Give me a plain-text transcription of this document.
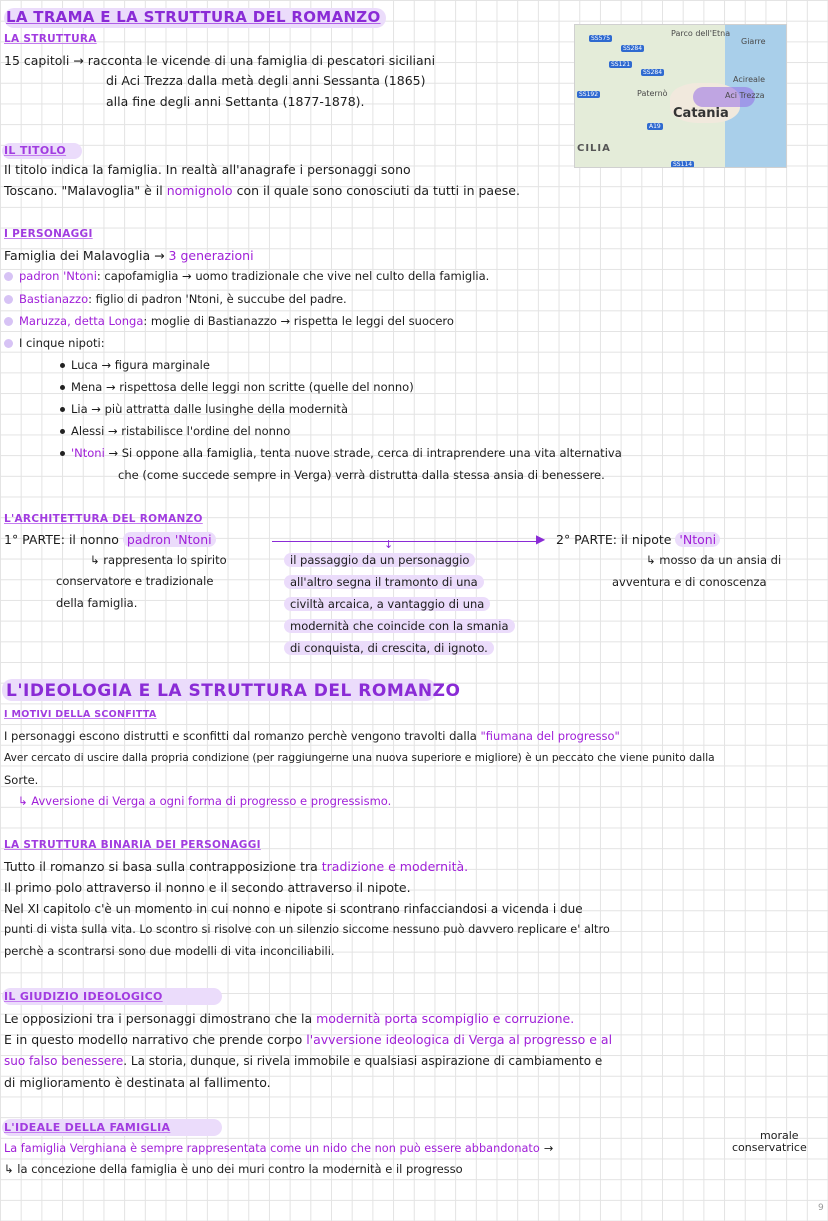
LA TRAMA E LA STRUTTURA DEL ROMANZO
LA STRUTTURA
15 capitoli → racconta le vicende di una famiglia di pescatori siciliani
di Aci Trezza dalla metà degli anni Sessanta (1865)
alla fine degli anni Settanta (1877-1878).
Parco dell'Etna
Giarre
Acireale
Paternò	Aci Trezza
Catania
CILIA
SS575
SS284
SS121
SS284
SS192
A19
SS114
IL TITOLO
Il titolo indica la famiglia. In realtà all'anagrafe i personaggi sono
Toscano. "Malavoglia" è il nomignolo con il quale sono conosciuti da tutti in paese.
I PERSONAGGI
Famiglia dei Malavoglia → 3 generazioni
padron 'Ntoni: capofamiglia → uomo tradizionale che vive nel culto della famiglia.
Bastianazzo: figlio di padron 'Ntoni, è succube del padre.
Maruzza, detta Longa: moglie di Bastianazzo → rispetta le leggi del suocero
I cinque nipoti:
Luca → figura marginale
Mena → rispettosa delle leggi non scritte (quelle del nonno)
Lia → più attratta dalle lusinghe della modernità
Alessi → ristabilisce l'ordine del nonno
'Ntoni → Si oppone alla famiglia, tenta nuove strade, cerca di intraprendere una vita alternativa
che (come succede sempre in Verga) verrà distrutta dalla stessa ansia di benessere.
L'ARCHITETTURA DEL ROMANZO
1° PARTE: il nonno padron 'Ntoni	▶
↓
↳ rappresenta lo spirito
conservatore e tradizionale
della famiglia.
il passaggio da un personaggio
all'altro segna il tramonto di una
civiltà arcaica, a vantaggio di una
modernità che coincide con la smania
di conquista, di crescita, di ignoto.
2° PARTE: il nipote 'Ntoni
↳ mosso da un ansia di
avventura e di conoscenza
L'IDEOLOGIA E LA STRUTTURA DEL ROMANZO
I MOTIVI DELLA SCONFITTA
I personaggi escono distrutti e sconfitti dal romanzo perchè vengono travolti dalla "fiumana del progresso"
Aver cercato di uscire dalla propria condizione (per raggiungerne una nuova superiore e migliore) è un peccato che viene punito dalla
Sorte.
↳ Avversione di Verga a ogni forma di progresso e progressismo.
LA STRUTTURA BINARIA DEI PERSONAGGI
Tutto il romanzo si basa sulla contrapposizione tra tradizione e modernità.
Il primo polo attraverso il nonno e il secondo attraverso il nipote.
Nel XI capitolo c'è un momento in cui nonno e nipote si scontrano rinfacciandosi a vicenda i due
punti di vista sulla vita. Lo scontro si risolve con un silenzio siccome nessuno può davvero replicare e' altro
perchè a scontrarsi sono due modelli di vita inconciliabili.
IL GIUDIZIO IDEOLOGICO
Le opposizioni tra i personaggi dimostrano che la modernità porta scompiglio e corruzione.
E in questo modello narrativo che prende corpo l'avversione ideologica di Verga al progresso e al
suo falso benessere. La storia, dunque, si rivela immobile e qualsiasi aspirazione di cambiamento e
di miglioramento è destinata al fallimento.
L'IDEALE DELLA FAMIGLIA
La famiglia Verghiana è sempre rappresentata come un nido che non può essere abbandonato →
morale
conservatrice
↳ la concezione della famiglia è uno dei muri contro la modernità e il progresso
9
